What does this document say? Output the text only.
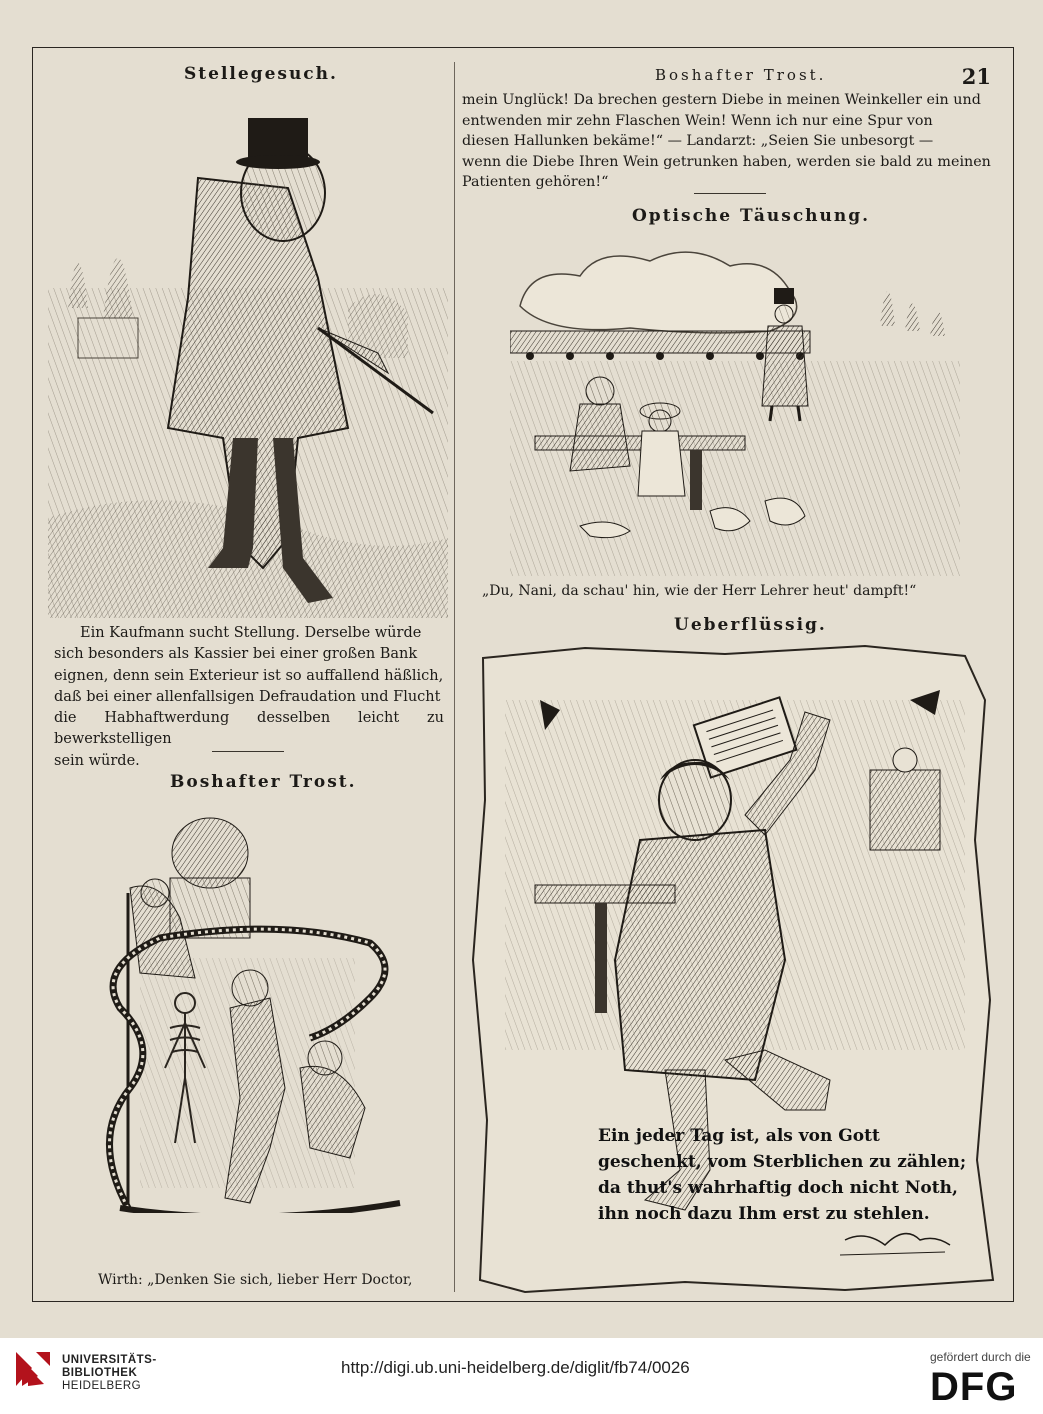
Boshafter Trost.	21
Stellegesuch.

Ein Kaufmann sucht Stellung. Derselbe würde

sich besonders als Kassier bei einer großen Bank
eignen, denn sein Exterieur ist so auffallend häßlich,
daß bei einer allenfallsigen Defraudation und Flucht
die Habhaftwerdung desselben leicht zu bewerkstelligen
sein würde.
Boshafter Trost.
Wirth: „Denken Sie sich, lieber Herr Doctor,
mein Unglück! Da brechen gestern Diebe in meinen Weinkeller ein und
entwenden mir zehn Flaschen Wein! Wenn ich nur eine Spur von
diesen Hallunken bekäme!“ — Landarzt: „Seien Sie unbesorgt —
wenn die Diebe Ihren Wein getrunken haben, werden sie bald zu meinen
Patienten gehören!“
Optische Täuschung.
„Du, Nani, da schau' hin, wie der Herr Lehrer heut' dampft!“
Ueberflüssig.
Ein jeder Tag ist, als von Gott
geschenkt, vom Sterblichen zu zählen;
da thut's wahrhaftig doch nicht Noth,
ihn noch dazu Ihm erst zu stehlen.
UNIVERSITÄTS-
BIBLIOTHEK
HEIDELBERG
http://digi.ub.uni-heidelberg.de/diglit/fb74/0026
gefördert durch die
DFG
